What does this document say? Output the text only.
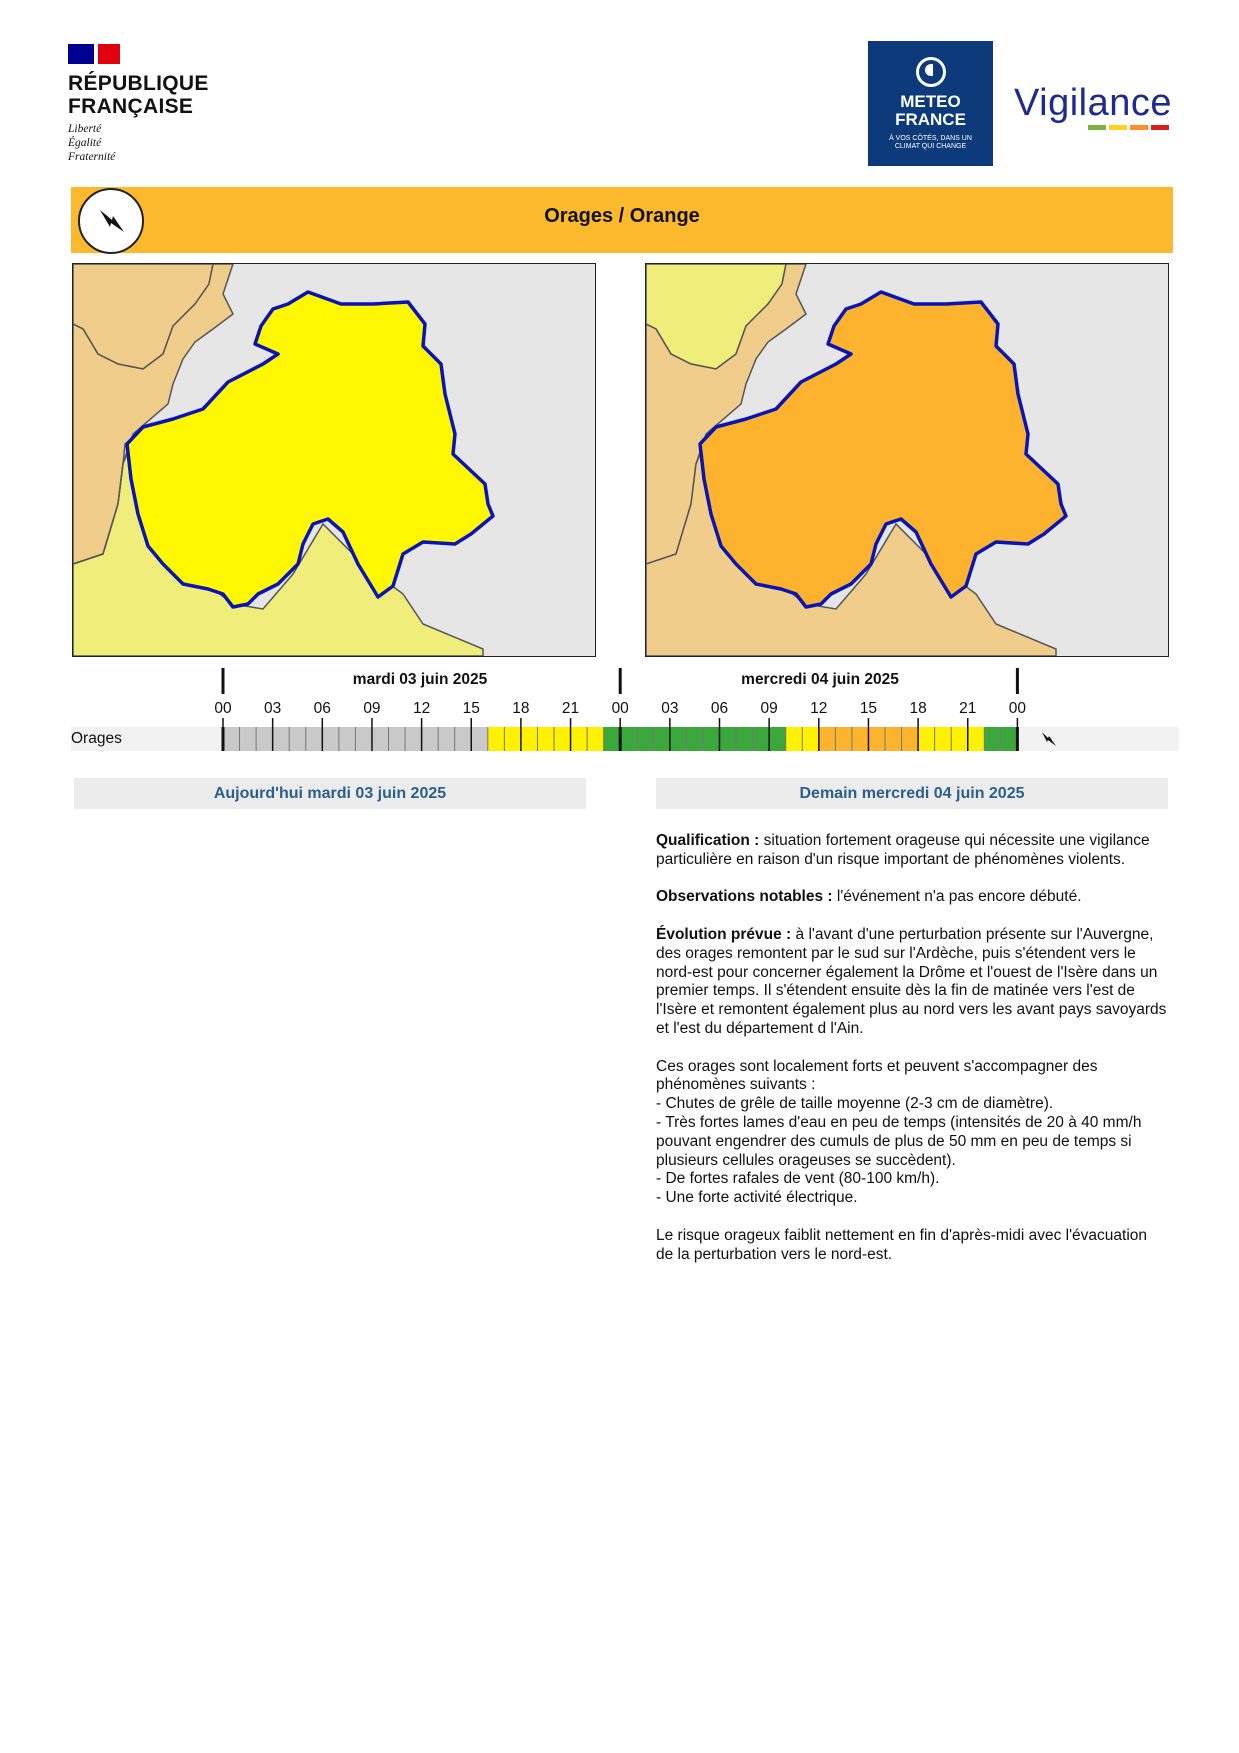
RÉPUBLIQUE
FRANÇAISE
Liberté
Égalité
Fraternité
METEO
FRANCE
À VOS CÔTÉS, DANS UN
CLIMAT QUI CHANGE
Vigilance
Orages / Orange
mardi 03 juin 2025	mercredi 04 juin 2025
00	03	06	09	12	15	18	21	00	03	06	09	12	15	18	21	00
Orages
Aujourd'hui mardi 03 juin 2025	Demain mercredi 04 juin 2025

Qualification : situation fortement orageuse qui nécessite une vigilance particulière en raison d'un risque important de phénomènes violents.

Observations notables : l'événement n'a pas encore débuté.

Évolution prévue : à l'avant d'une perturbation présente sur l'Auvergne, des orages remontent par le sud sur l'Ardèche, puis s'étendent vers le nord-est pour concerner également la Drôme et l'ouest de l'Isère dans un premier temps. Il s'étendent ensuite dès la fin de matinée vers l'est de l'Isère et remontent également plus au nord vers les avant pays savoyards et l'est du département d l'Ain.

Ces orages sont localement forts et peuvent s'accompagner des phénomènes suivants :
- Chutes de grêle de taille moyenne (2-3 cm de diamètre).
- Très fortes lames d'eau en peu de temps (intensités de 20 à 40 mm/h pouvant engendrer des cumuls de plus de 50 mm en peu de temps si plusieurs cellules orageuses se succèdent).
- De fortes rafales de vent (80-100 km/h).
- Une forte activité électrique.

Le risque orageux faiblit nettement en fin d'après-midi avec l'évacuation de la perturbation vers le nord-est.
